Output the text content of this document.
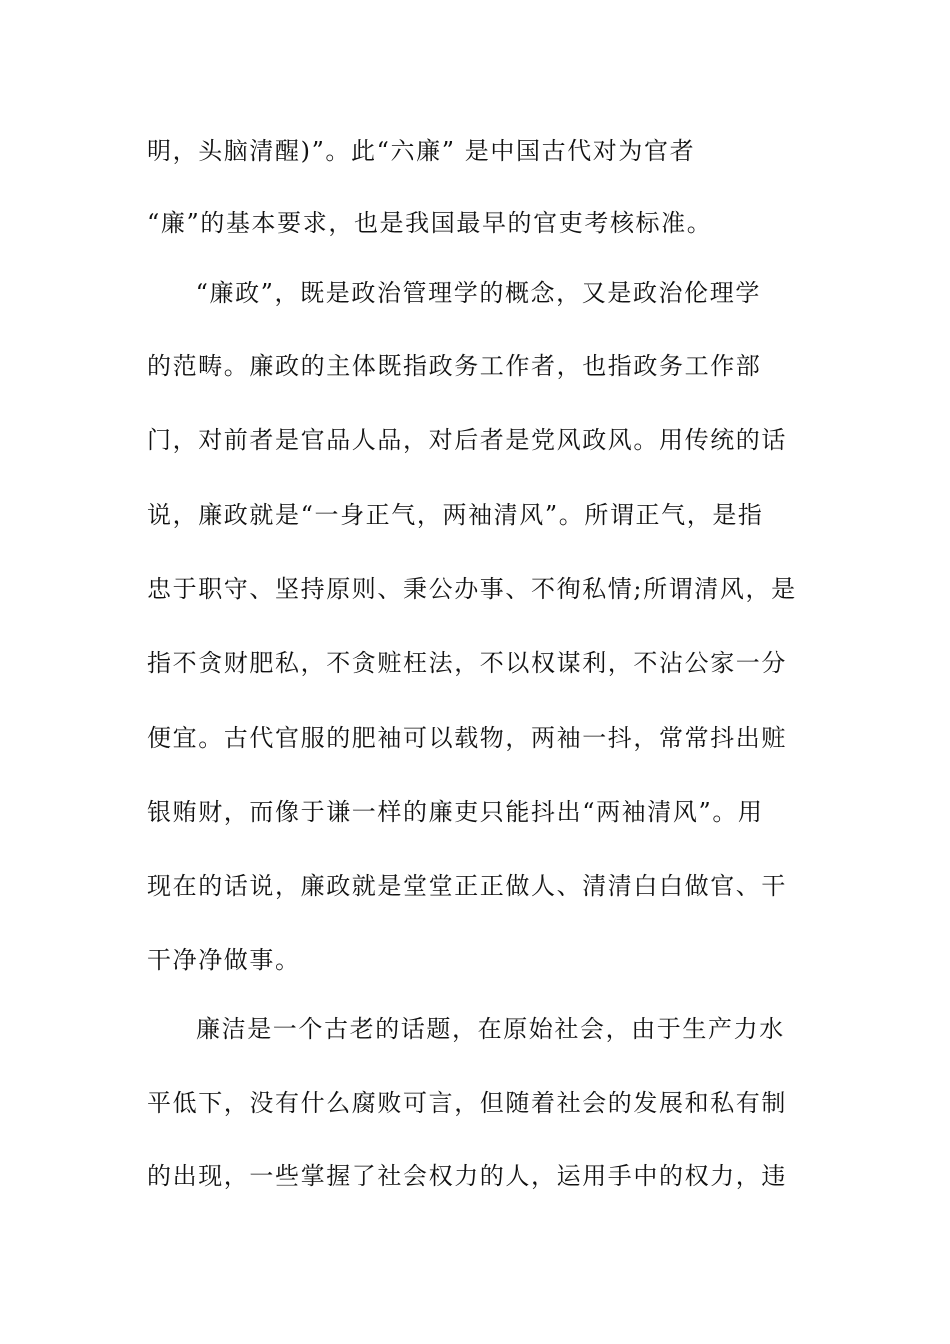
明，头脑清醒)”。此“六廉” 是中国古代对为官者
“廉”的基本要求，也是我国最早的官吏考核标准。
　“廉政”，既是政治管理学的概念，又是政治伦理学
的范畴。廉政的主体既指政务工作者，也指政务工作部
门，对前者是官品人品，对后者是党风政风。用传统的话
说，廉政就是“一身正气，两袖清风”。所谓正气，是指
忠于职守、坚持原则、秉公办事、不徇私情;所谓清风，是
指不贪财肥私，不贪赃枉法，不以权谋利，不沾公家一分
便宜。古代官服的肥袖可以载物，两袖一抖，常常抖出赃
银贿财，而像于谦一样的廉吏只能抖出“两袖清风”。用
现在的话说，廉政就是堂堂正正做人、清清白白做官、干
干净净做事。
廉洁是一个古老的话题，在原始社会，由于生产力水
平低下，没有什么腐败可言，但随着社会的发展和私有制
的出现，一些掌握了社会权力的人，运用手中的权力，违
